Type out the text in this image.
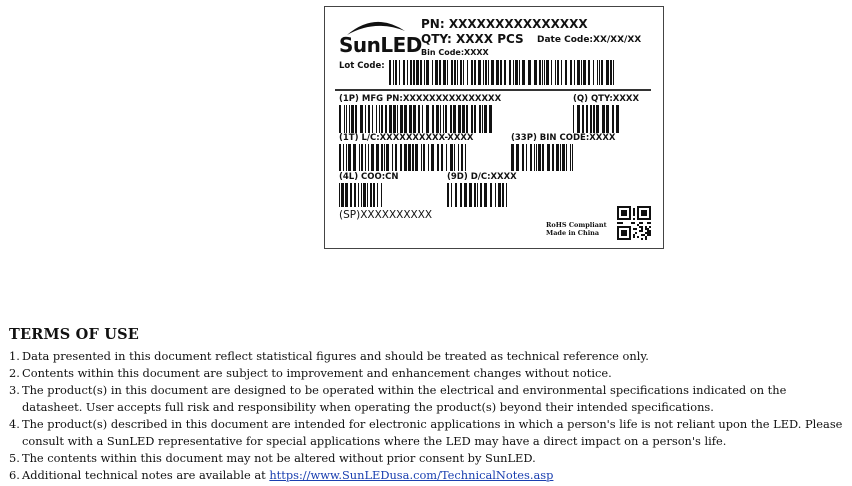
SunLED
PN: XXXXXXXXXXXXXXX
QTY: XXXX PCS Date Code:XX/XX/XX
Bin Code:XXXX
Lot Code:
(1P) MFG PN:XXXXXXXXXXXXXXX	(Q) QTY:XXXX
(1T) L/C:XXXXXXXXXX-XXXX	(33P) BIN CODE:XXXX
(4L) COO:CN	(9D) D/C:XXXX
(SP)XXXXXXXXXX
RoHS Compliant
Made in China
TERMS OF USE
1. Data presented in this document reflect statistical figures and should be treated as technical reference only.
2. Contents within this document are subject to improvement and enhancement changes without notice.
3. The product(s) in this document are designed to be operated within the electrical and environmental specifications indicated on the datasheet. User accepts full risk and responsibility when operating the product(s) beyond their intended specifications.
4. The product(s) described in this document are intended for electronic applications in which a person's life is not reliant upon the LED. Please consult with a SunLED representative for special applications where the LED may have a direct impact on a person's life.
5. The contents within this document may not be altered without prior consent by SunLED.
6. Additional technical notes are available at https://www.SunLEDusa.com/TechnicalNotes.asp
